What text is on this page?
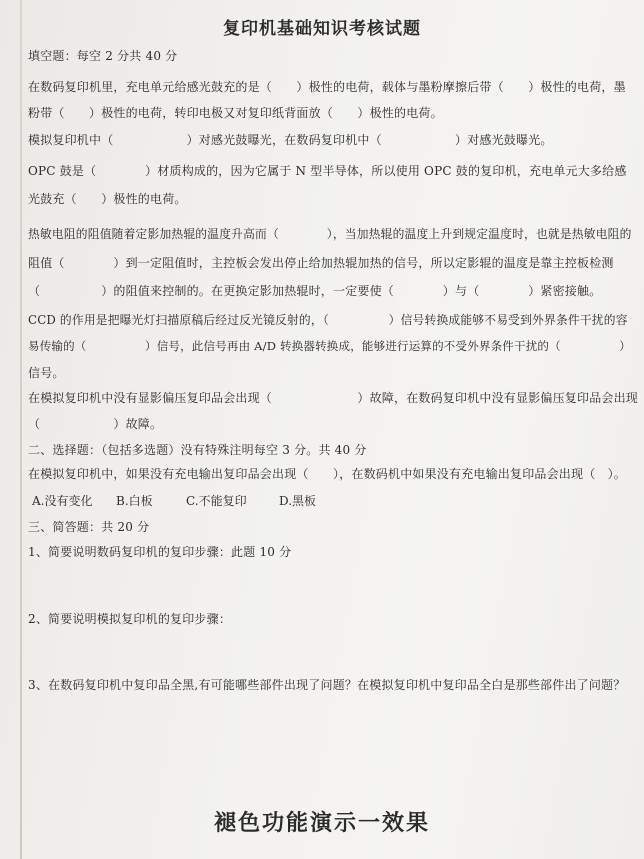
复印机基础知识考核试题
填空题：每空 2 分共 40 分
在数码复印机里，充电单元给感光鼓充的是（　　）极性的电荷，载体与墨粉摩擦后带（　　）极性的电荷，墨
粉带（　　）极性的电荷，转印电极又对复印纸背面放（　　）极性的电荷。
模拟复印机中（　　　　　　）对感光鼓曝光，在数码复印机中（　　　　　　）对感光鼓曝光。
OPC 鼓是（　　　　）材质构成的，因为它属于 N 型半导体，所以使用 OPC 鼓的复印机，充电单元大多给感
光鼓充（　　）极性的电荷。
热敏电阻的阻值随着定影加热辊的温度升高而（　　　　），当加热辊的温度上升到规定温度时，也就是热敏电阻的
阻值（　　　　）到一定阻值时，主控板会发出停止给加热辊加热的信号，所以定影辊的温度是靠主控板检测
（　　　　　）的阻值来控制的。在更换定影加热辊时，一定要使（　　　　）与（　　　　）紧密接触。
CCD 的作用是把曝光灯扫描原稿后经过反光镜反射的，（　　　　　）信号转换成能够不易受到外界条件干扰的容
易传输的（　　　　　）信号，此信号再由 A/D 转换器转换成，能够进行运算的不受外界条件干扰的（　　　　　）
信号。
在模拟复印机中没有显影偏压复印品会出现（　　　　　　　）故障，在数码复印机中没有显影偏压复印品会出现
（　　　　　　）故障。
二、选择题：（包括多选题）没有特殊注明每空 3 分。共 40 分
在模拟复印机中，如果没有充电输出复印品会出现（　　），在数码机中如果没有充电输出复印品会出现（　）。
A.没有变化 B.白板	C.不能复印	D.黑板
三、简答题：共 20 分
1、简要说明数码复印机的复印步骤：此题 10 分
2、简要说明模拟复印机的复印步骤：
3、在数码复印机中复印品全黑,有可能哪些部件出现了问题？在模拟复印机中复印品全白是那些部件出了问题？
褪色功能演示一效果
